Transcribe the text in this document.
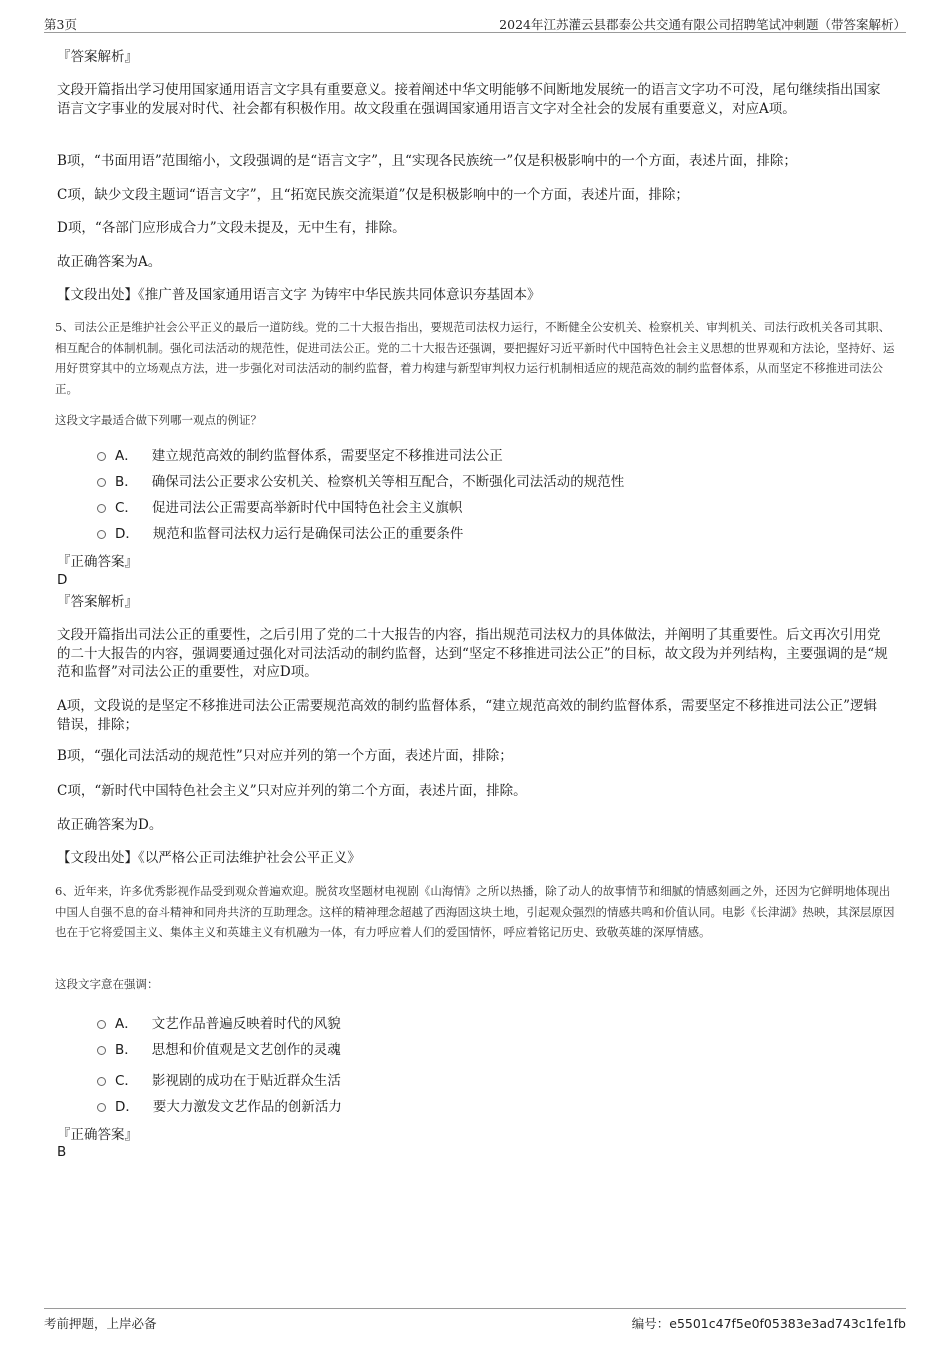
第3页	2024年江苏灌云县郡泰公共交通有限公司招聘笔试冲刺题（带答案解析）
『答案解析』
文段开篇指出学习使用国家通用语言文字具有重要意义。接着阐述中华文明能够不间断地发展统一的语言文字功不可没，尾句继续指出国家语言文字事业的发展对时代、社会都有积极作用。故文段重在强调国家通用语言文字对全社会的发展有重要意义，对应A项。
B项，“书面用语”范围缩小，文段强调的是“语言文字”，且“实现各民族统一”仅是积极影响中的一个方面，表述片面，排除；
C项，缺少文段主题词“语言文字”，且“拓宽民族交流渠道”仅是积极影响中的一个方面，表述片面，排除；
D项，“各部门应形成合力”文段未提及，无中生有，排除。
故正确答案为A。
【文段出处】《推广普及国家通用语言文字 为铸牢中华民族共同体意识夯基固本》
5、司法公正是维护社会公平正义的最后一道防线。党的二十大报告指出，要规范司法权力运行，不断健全公安机关、检察机关、审判机关、司法行政机关各司其职、相互配合的体制机制。强化司法活动的规范性，促进司法公正。党的二十大报告还强调，要把握好习近平新时代中国特色社会主义思想的世界观和方法论，坚持好、运用好贯穿其中的立场观点方法，进一步强化对司法活动的制约监督，着力构建与新型审判权力运行机制相适应的规范高效的制约监督体系，从而坚定不移推进司法公正。
这段文字最适合做下列哪一观点的例证？
A． 建立规范高效的制约监督体系，需要坚定不移推进司法公正
B． 确保司法公正要求公安机关、检察机关等相互配合，不断强化司法活动的规范性
C． 促进司法公正需要高举新时代中国特色社会主义旗帜
D． 规范和监督司法权力运行是确保司法公正的重要条件
『正确答案』
D
『答案解析』
文段开篇指出司法公正的重要性，之后引用了党的二十大报告的内容，指出规范司法权力的具体做法，并阐明了其重要性。后文再次引用党的二十大报告的内容，强调要通过强化对司法活动的制约监督，达到“坚定不移推进司法公正”的目标，故文段为并列结构，主要强调的是“规范和监督”对司法公正的重要性，对应D项。
A项，文段说的是坚定不移推进司法公正需要规范高效的制约监督体系，“建立规范高效的制约监督体系，需要坚定不移推进司法公正”逻辑错误，排除；
B项，“强化司法活动的规范性”只对应并列的第一个方面，表述片面，排除；
C项，“新时代中国特色社会主义”只对应并列的第二个方面，表述片面，排除。
故正确答案为D。
【文段出处】《以严格公正司法维护社会公平正义》
6、近年来，许多优秀影视作品受到观众普遍欢迎。脱贫攻坚题材电视剧《山海情》之所以热播，除了动人的故事情节和细腻的情感刻画之外，还因为它鲜明地体现出中国人自强不息的奋斗精神和同舟共济的互助理念。这样的精神理念超越了西海固这块土地，引起观众强烈的情感共鸣和价值认同。电影《长津湖》热映，其深层原因也在于它将爱国主义、集体主义和英雄主义有机融为一体，有力呼应着人们的爱国情怀，呼应着铭记历史、致敬英雄的深厚情感。
这段文字意在强调：
A． 文艺作品普遍反映着时代的风貌
B． 思想和价值观是文艺创作的灵魂
C． 影视剧的成功在于贴近群众生活
D． 要大力激发文艺作品的创新活力
『正确答案』
B
考前押题，上岸必备	编号：e5501c47f5e0f05383e3ad743c1fe1fb
